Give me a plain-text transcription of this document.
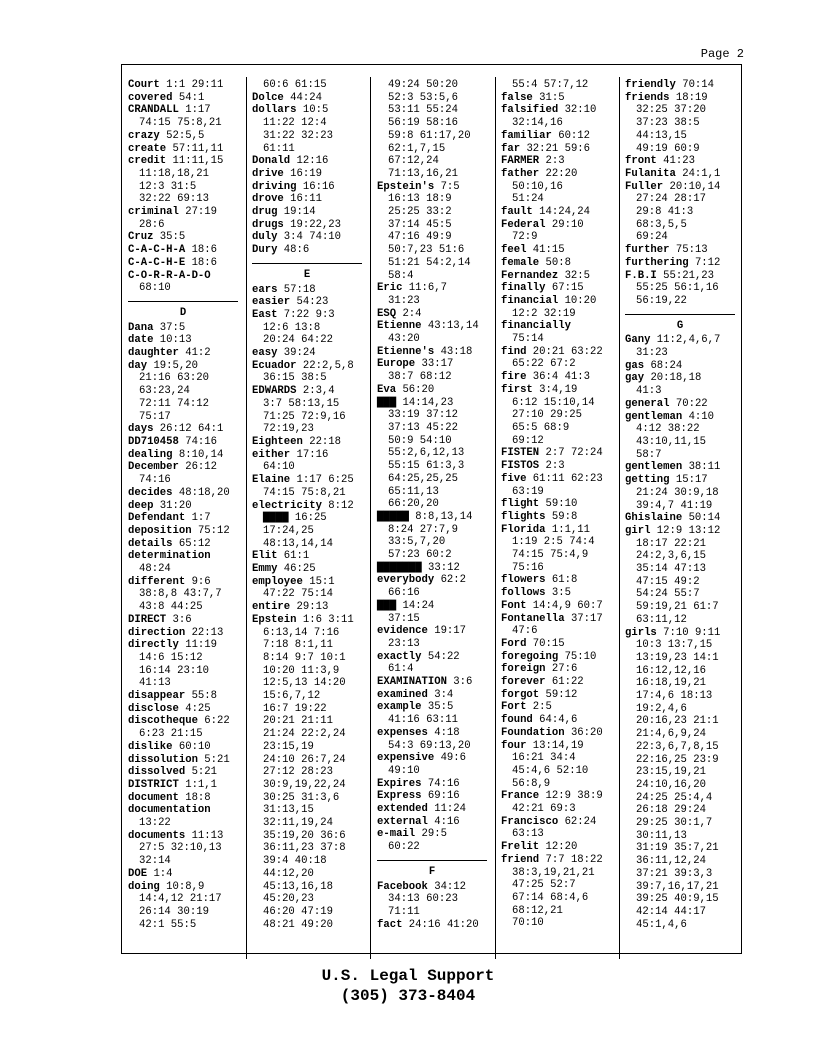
Page 2
Court 1:1 29:11
covered 54:1
CRANDALL 1:17
74:15 75:8,21
crazy 52:5,5
create 57:11,11
credit 11:11,15
11:18,18,21
12:3 31:5
32:22 69:13
criminal 27:19
28:6
Cruz 35:5
C-A-C-H-A 18:6
C-A-C-H-E 18:6
C-O-R-R-A-D-O
68:10
D
Dana 37:5
date 10:13
daughter 41:2
day 19:5,20
21:16 63:20
63:23,24
72:11 74:12
75:17
days 26:12 64:1
DD710458 74:16
dealing 8:10,14
December 26:12
74:16
decides 48:18,20
deep 31:20
Defendant 1:7
deposition 75:12
details 65:12
determination
48:24
different 9:6
38:8,8 43:7,7
43:8 44:25
DIRECT 3:6
direction 22:13
directly 11:19
14:6 15:12
16:14 23:10
41:13
disappear 55:8
disclose 4:25
discotheque 6:22
6:23 21:15
dislike 60:10
dissolution 5:21
dissolved 5:21
DISTRICT 1:1,1
document 18:8
documentation
13:22
documents 11:13
27:5 32:10,13
32:14
DOE 1:4
doing 10:8,9
14:4,12 21:17
26:14 30:19
42:1 55:5
60:6 61:15
Dolce 44:24
dollars 10:5
11:22 12:4
31:22 32:23
61:11
Donald 12:16
drive 16:19
driving 16:16
drove 16:11
drug 19:14
drugs 19:22,23
duly 3:4 74:10
Dury 48:6
E
ears 57:18
easier 54:23
East 7:22 9:3
12:6 13:8
20:24 64:22
easy 39:24
Ecuador 22:2,5,8
36:15 38:5
EDWARDS 2:3,4
3:7 58:13,15
71:25 72:9,16
72:19,23
Eighteen 22:18
either 17:16
64:10
Elaine 1:17 6:25
74:15 75:8,21
electricity 8:12
▇▇▇▇ 16:25
17:24,25
48:13,14,14
Elit 61:1
Emmy 46:25
employee 15:1
47:22 75:14
entire 29:13
Epstein 1:6 3:11
6:13,14 7:16
7:18 8:1,11
8:14 9:7 10:1
10:20 11:3,9
12:5,13 14:20
15:6,7,12
16:7 19:22
20:21 21:11
21:24 22:2,24
23:15,19
24:10 26:7,24
27:12 28:23
30:9,19,22,24
30:25 31:3,6
31:13,15
32:11,19,24
35:19,20 36:6
36:11,23 37:8
39:4 40:18
44:12,20
45:13,16,18
45:20,23
46:20 47:19
48:21 49:20
49:24 50:20
52:3 53:5,6
53:11 55:24
56:19 58:16
59:8 61:17,20
62:1,7,15
67:12,24
71:13,16,21
Epstein's 7:5
16:13 18:9
25:25 33:2
37:14 45:5
47:16 49:9
50:7,23 51:6
51:21 54:2,14
58:4
Eric 11:6,7
31:23
ESQ 2:4
Etienne 43:13,14
43:20
Etienne's 43:18
Europe 33:17
38:7 68:12
Eva 56:20
▇▇▇ 14:14,23
33:19 37:12
37:13 45:22
50:9 54:10
55:2,6,12,13
55:15 61:3,3
64:25,25,25
65:11,13
66:20,20
▇▇▇▇▇ 8:8,13,14
8:24 27:7,9
33:5,7,20
57:23 60:2
▇▇▇▇▇▇▇ 33:12
everybody 62:2
66:16
▇▇▇ 14:24
37:15
evidence 19:17
23:13
exactly 54:22
61:4
EXAMINATION 3:6
examined 3:4
example 35:5
41:16 63:11
expenses 4:18
54:3 69:13,20
expensive 49:6
49:10
Expires 74:16
Express 69:16
extended 11:24
external 4:16
e-mail 29:5
60:22
F
Facebook 34:12
34:13 60:23
71:11
fact 24:16 41:20
55:4 57:7,12
false 31:5
falsified 32:10
32:14,16
familiar 60:12
far 32:21 59:6
FARMER 2:3
father 22:20
50:10,16
51:24
fault 14:24,24
Federal 29:10
72:9
feel 41:15
female 50:8
Fernandez 32:5
finally 67:15
financial 10:20
12:2 32:19
financially
75:14
find 20:21 63:22
65:22 67:2
fire 36:4 41:3
first 3:4,19
6:12 15:10,14
27:10 29:25
65:5 68:9
69:12
FISTEN 2:7 72:24
FISTOS 2:3
five 61:11 62:23
63:19
flight 59:10
flights 59:8
Florida 1:1,11
1:19 2:5 74:4
74:15 75:4,9
75:16
flowers 61:8
follows 3:5
Font 14:4,9 60:7
Fontanella 37:17
47:6
Ford 70:15
foregoing 75:10
foreign 27:6
forever 61:22
forgot 59:12
Fort 2:5
found 64:4,6
Foundation 36:20
four 13:14,19
16:21 34:4
45:4,6 52:10
56:8,9
France 12:9 38:9
42:21 69:3
Francisco 62:24
63:13
Frelit 12:20
friend 7:7 18:22
38:3,19,21,21
47:25 52:7
67:14 68:4,6
68:12,21
70:10
friendly 70:14
friends 18:19
32:25 37:20
37:23 38:5
44:13,15
49:19 60:9
front 41:23
Fulanita 24:1,1
Fuller 20:10,14
27:24 28:17
29:8 41:3
68:3,5,5
69:24
further 75:13
furthering 7:12
F.B.I 55:21,23
55:25 56:1,16
56:19,22
G
Gany 11:2,4,6,7
31:23
gas 68:24
gay 20:18,18
41:3
general 70:22
gentleman 4:10
4:12 38:22
43:10,11,15
58:7
gentlemen 38:11
getting 15:17
21:24 30:9,18
39:4,7 41:19
Ghislaine 50:14
girl 12:9 13:12
18:17 22:21
24:2,3,6,15
35:14 47:13
47:15 49:2
54:24 55:7
59:19,21 61:7
63:11,12
girls 7:10 9:11
10:3 13:7,15
13:19,23 14:1
16:12,12,16
16:18,19,21
17:4,6 18:13
19:2,4,6
20:16,23 21:1
21:4,6,9,24
22:3,6,7,8,15
22:16,25 23:9
23:15,19,21
24:10,16,20
24:25 25:4,4
26:18 29:24
29:25 30:1,7
30:11,13
31:19 35:7,21
36:11,12,24
37:21 39:3,3
39:7,16,17,21
39:25 40:9,15
42:14 44:17
45:1,4,6
U.S. Legal Support
(305) 373-8404
